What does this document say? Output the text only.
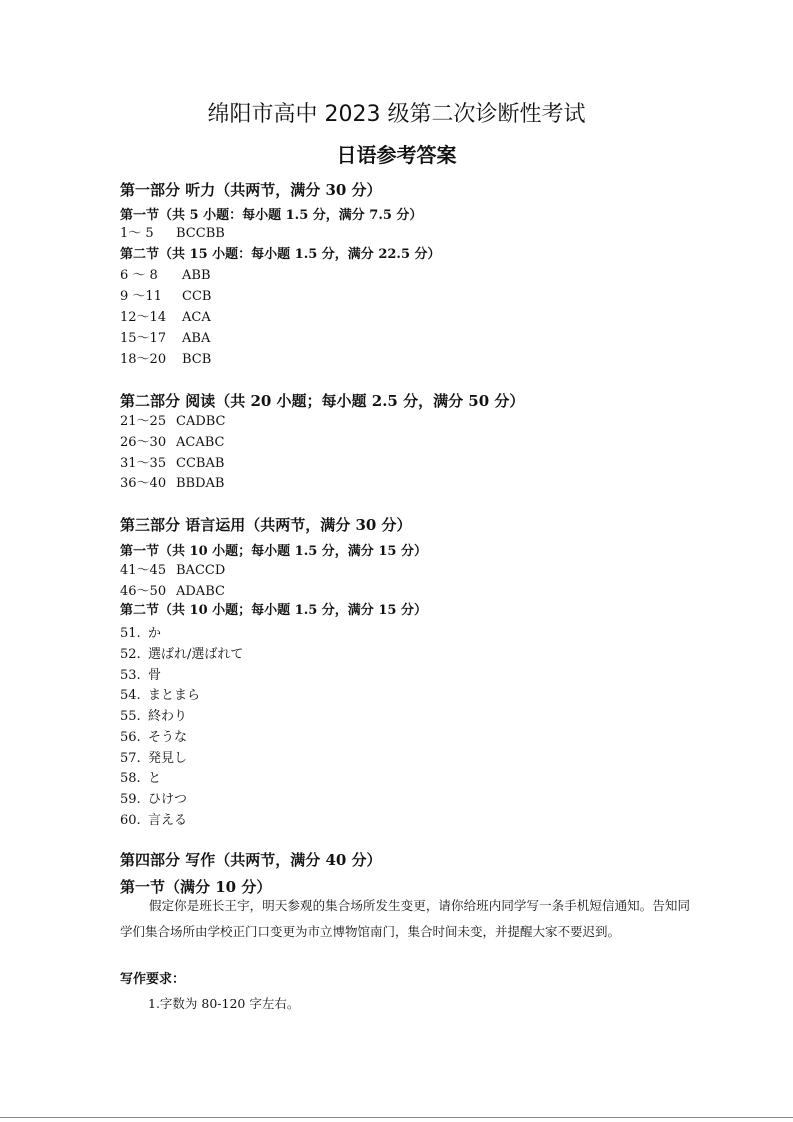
绵阳市高中 2023 级第二次诊断性考试
日语参考答案
第一部分 听力（共两节，满分 30 分）
第一节（共 5 小题：每小题 1.5 分，满分 7.5 分）
1～ 5 BCCBB
第二节（共 15 小题：每小题 1.5 分，满分 22.5 分）
6 ～ 8 ABB
9 ～11 CCB
12～14 ACA
15～17 ABA
18～20 BCB
第二部分 阅读（共 20 小题；每小题 2.5 分，满分 50 分）
21～25 CADBC
26～30 ACABC
31～35 CCBAB
36～40 BBDAB
第三部分 语言运用（共两节，满分 30 分）
第一节（共 10 小题；每小题 1.5 分，满分 15 分）
41～45 BACCD
46～50 ADABC
第二节（共 10 小题；每小题 1.5 分，满分 15 分）
51. か
52. 選ばれ/選ばれて
53. 骨
54. まとまら
55. 終わり
56. そうな
57. 発見し
58. と
59. ひけつ
60. 言える
第四部分 写作（共两节，满分 40 分）
第一节（满分 10 分）
假定你是班长王宇，明天参观的集合场所发生变更，请你给班内同学写一条手机短信通知。告知同学们集合场所由学校正门口变更为市立博物馆南门，集合时间未变，并提醒大家不要迟到。
写作要求：
1.字数为 80-120 字左右。
